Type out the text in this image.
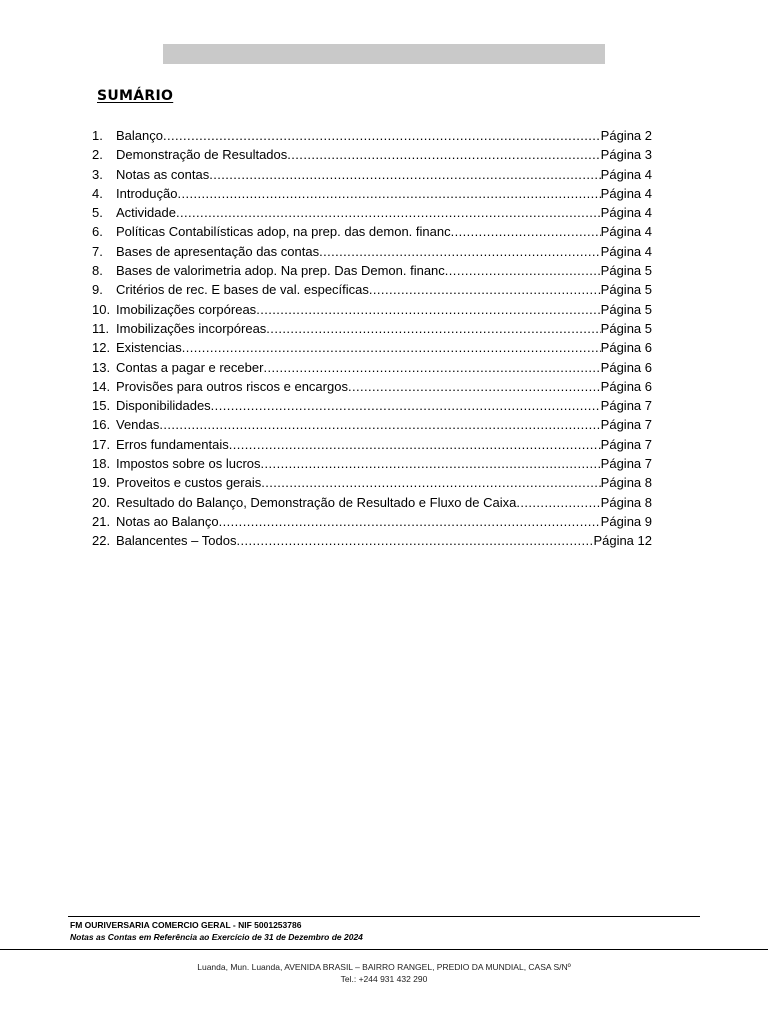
SUMÁRIO
1.	Balanço .....	Página 2
2.	Demonstração de Resultados .....	Página 3
3.	Notas as contas .....	Página 4
4.	Introdução .....	Página 4
5.	Actividade .....	Página 4
6.	Políticas Contabilísticas adop, na prep. das demon. financ .....	Página 4
7.	Bases de apresentação das contas .....	Página 4
8.	Bases de valorimetria adop. Na prep. Das Demon. financ .....	Página 5
9.	Critérios de rec. E bases de val. específicas .....	Página 5
10. Imobilizações corpóreas .....	Página 5
11. Imobilizações incorpóreas .....	Página 5
12. Existencias .....	Página 6
13. Contas a pagar e receber .....	Página 6
14. Provisões para outros riscos e encargos .....	Página 6
15. Disponibilidades .....	Página 7
16. Vendas .....	Página 7
17. Erros fundamentais .....	Página 7
18. Impostos sobre os lucros .....	Página 7
19. Proveitos e custos gerais .....	Página 8
20. Resultado do Balanço, Demonstração de Resultado e Fluxo de Caixa .....	Página 8
21. Notas ao Balanço .....	Página 9
22. Balancentes – Todos .....	Página 12
FM OURIVERSARIA COMERCIO GERAL - NIF 5001253786
Notas as Contas em Referência ao Exercício de 31 de Dezembro de 2024
Luanda, Mun. Luanda, AVENIDA BRASIL – BAIRRO RANGEL, PREDIO DA MUNDIAL, CASA S/Nº
Tel.: +244 931 432 290
